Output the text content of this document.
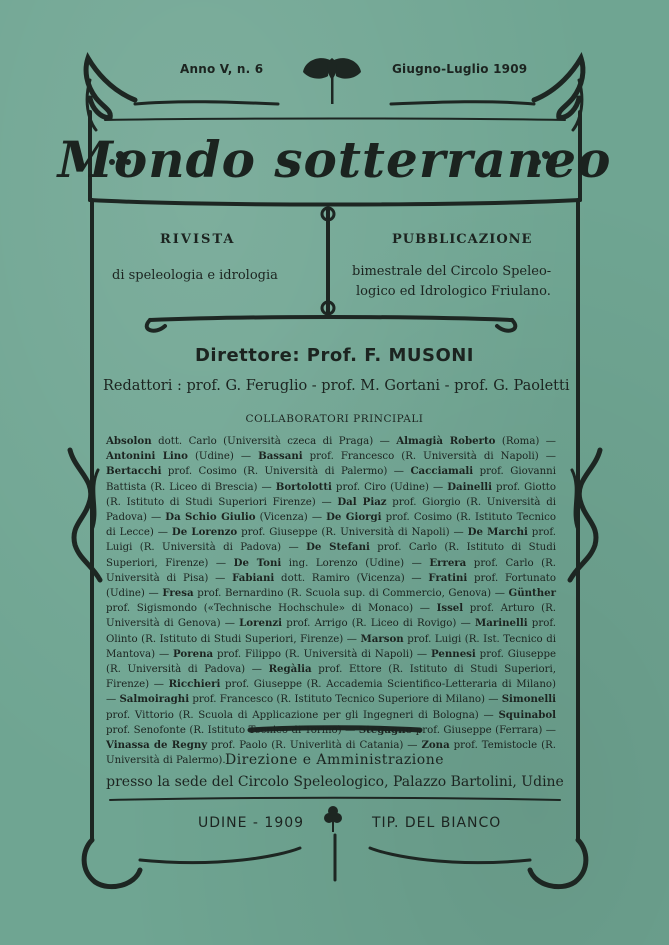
Anno V, n. 6	Giugno-Luglio 1909
Mondo sotterraneo
RIVISTA
di speleologia e idrologia
PUBBLICAZIONE
bimestrale del Circolo Speleo-
logico ed Idrologico Friulano.
Direttore: Prof. F. MUSONI
Redattori : prof. G. Feruglio - prof. M. Gortani - prof. G. Paoletti
COLLABORATORI PRINCIPALI
Absolon dott. Carlo (Università czeca di Praga) — Almagià Roberto (Roma) — Antonini Lino (Udine) — Bassani prof. Francesco (R. Università di Napoli) — Bertacchi prof. Cosimo (R. Università di Palermo) — Cacciamali prof. Giovanni Battista (R. Liceo di Brescia) — Bortolotti prof. Ciro (Udine) — Dainelli prof. Giotto (R. Istituto di Studi Superiori Firenze) — Dal Piaz prof. Giorgio (R. Università di Padova) — Da Schio Giulio (Vicenza) — De Giorgi prof. Cosimo (R. Istituto Tecnico di Lecce) — De Lorenzo prof. Giuseppe (R. Università di Napoli) — De Marchi prof. Luigi (R. Università di Padova) — De Stefani prof. Carlo (R. Istituto di Studi Superiori, Firenze) — De Toni ing. Lorenzo (Udine) — Errera prof. Carlo (R. Università di Pisa) — Fabiani dott. Ramiro (Vicenza) — Fratini prof. Fortunato (Udine) — Fresa prof. Bernardino (R. Scuola sup. di Commercio, Genova) — Günther prof. Sigismondo («Technische Hochschule» di Monaco) — Issel prof. Arturo (R. Università di Genova) — Lorenzi prof. Arrigo (R. Liceo di Rovigo) — Marinelli prof. Olinto (R. Istituto di Studi Superiori, Firenze) — Marson prof. Luigi (R. Ist. Tecnico di Mantova) — Porena prof. Filippo (R. Università di Napoli) — Pennesi prof. Giuseppe (R. Università di Padova) — Regàlia prof. Ettore (R. Istituto di Studi Superiori, Firenze) — Ricchieri prof. Giuseppe (R. Accademia Scientifico-Letteraria di Milano) — Salmoiraghi prof. Francesco (R. Istituto Tecnico Superiore di Milano) — Simonelli prof. Vittorio (R. Scuola di Applicazione per gli Ingegneri di Bologna) — Squinabol prof. Senofonte (R. Istituto Tecnico di Torino) — Stegagno prof. Giuseppe (Ferrara) — Vinassa de Regny prof. Paolo (R. Univerlità di Catania) — Zona prof. Temistocle (R. Università di Palermo). Direzione e Amministrazione
presso la sede del Circolo Speleologico, Palazzo Bartolini, Udine
UDINE - 1909	TIP. DEL BIANCO
